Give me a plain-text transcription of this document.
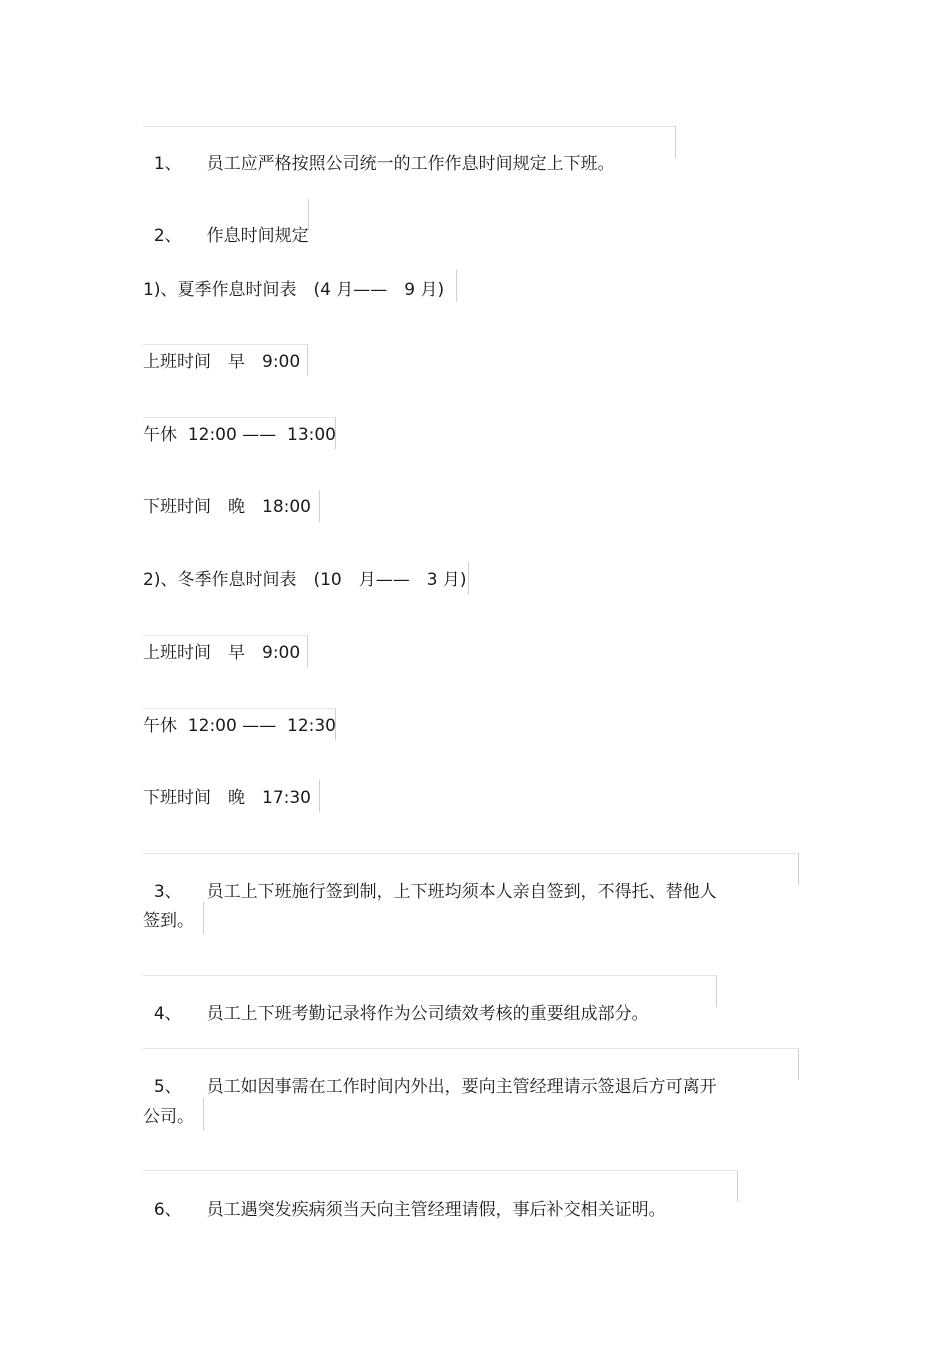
1、 员工应严格按照公司统一的工作作息时间规定上下班。

2、 作息时间规定

1)、夏季作息时间表　(4 月——　9 月)
上班时间　早　9:00
午休  12:00 ——  13:00
下班时间　晚　18:00
2)、冬季作息时间表　(10　月——　3 月)
上班时间　早　9:00
午休  12:00 ——  12:30
下班时间　晚　17:30

3、 员工上下班施行签到制，上下班均须本人亲自签到，不得托、替他人

签到。

4、 员工上下班考勤记录将作为公司绩效考核的重要组成部分。

5、 员工如因事需在工作时间内外出，要向主管经理请示签退后方可离开

公司。

6、 员工遇突发疾病须当天向主管经理请假，事后补交相关证明。
